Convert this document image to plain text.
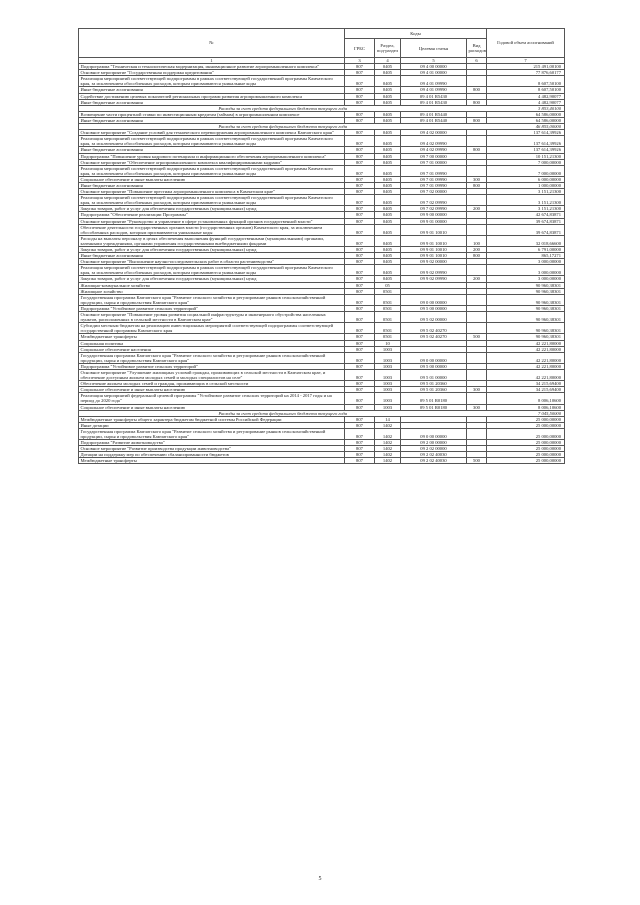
№	Коды				Годовой объем ассигнований
	ГРБС	Раздел, под-раздел	Целевая статья	Вид расходов	
1	3	4	5	6	7
Подпрограмма "Техническая и технологическая модернизация, инновационное развитие агропромышленного комплекса"	807	0405	09 4 00 00000		215 491,00100
Основное мероприятие "Государственная поддержка кредитования"	807	0405	09 4 01 00000		77 876,60177
Реализация мероприятий соответствующей подпрограммы в рамках соответствующей государственной программы Камчатского края, за исключением обособленных расходов, которым присваиваются уникальные коды	807	0405	09 4 01 09990		8 607,50100
Иные бюджетные ассигнования	807	0405	09 4 01 09990	800	8 607,50100
Содействие достижению целевых показателей региональных программ развития агропромышленного комплекса	807	0405	09 4 01 R5430		4 482,90077
Иные бюджетные ассигнования	807	0405	09 4 01 R5430	800	4 482,90077
Расходы за счет средств федерального бюджета текущего года					3 853,40100
Возмещение части процентной ставки по инвестиционным кредитам (займам) в агропромышленном комплексе	807	0405	09 4 01 R5440		64 586,00000
Иные бюджетные ассигнования	807	0405	09 4 01 R5440	800	64 586,00000
Расходы за счет средств федерального бюджета текущего года					46 855,00000
Основное мероприятие "Создание условий для технического перевооружения агропромышленного комплекса Камчатского края"	807	0405	09 4 02 00000		137 614,39926
Реализация мероприятий соответствующей подпрограммы в рамках соответствующей государственной программы Камчатского края, за исключением обособленных расходов, которым присваиваются уникальные коды	807	0405	09 4 02 09990		137 614,39926
Иные бюджетные ассигнования	807	0405	09 4 02 09990	800	137 614,39926
Подпрограмма "Повышение уровня кадрового потенциала и информационного обеспечения агропромышленного комплекса"	807	0405	09 7 00 00000		10 151,21300
Основное мероприятие "Обеспечение агропромышленного комплекса квалифицированными кадрами"	807	0405	09 7 01 00000		7 000,00000
Реализация мероприятий соответствующей подпрограммы в рамках соответствующей государственной программы Камчатского края, за исключением обособленных расходов, которым присваиваются уникальные коды	807	0405	09 7 01 09990		7 000,00000
Социальное обеспечение и иные выплаты населению	807	0405	09 7 01 09990	300	6 000,00000
Иные бюджетные ассигнования	807	0405	09 7 01 09990	800	1 000,00000
Основное мероприятие "Повышение престижа агропромышленного комплекса в Камчатском крае"	807	0405	09 7 02 00000		3 151,21300
Реализация мероприятий соответствующей подпрограммы в рамках соответствующей государственной программы Камчатского края, за исключением обособленных расходов, которым присваиваются уникальные коды	807	0405	09 7 02 09990		3 151,21300
Закупка товаров, работ и услуг для обеспечения государственных (муниципальных) нужд	807	0405	09 7 02 09990	200	3 151,21300
Подпрограмма "Обеспечение реализации Программы"	807	0405	09 9 00 00000		42 674,83871
Основное мероприятие "Руководство и управление в сфере установленных функций органов государственной власти"	807	0405	09 9 01 00000		39 674,83871
Обеспечение деятельности государственных органов власти (государственных органов) Камчатского края, за исключением обособленных расходов, которым присваиваются уникальные коды	807	0405	09 9 01 10010		39 674,83871
Расходы на выплаты персоналу в целях обеспечения выполнения функций государственными (муниципальными) органами, казенными учреждениями, органами управления государственными внебюджетными фондами	807	0405	09 9 01 10010	100	32 018,66600
Закупка товаров, работ и услуг для обеспечения государственных (муниципальных) нужд	807	0405	09 9 01 10010	200	6 791,00000
Иные бюджетные ассигнования	807	0405	09 9 01 10010	800	865,17271
Основное мероприятие "Выполнение научно-исследовательских работ в области растениеводства"	807	0405	09 9 02 00000		3 000,00000
Реализация мероприятий соответствующей подпрограммы в рамках соответствующей государственной программы Камчатского края, за исключением обособленных расходов, которым присваиваются уникальные коды	807	0405	09 9 02 09990		3 000,00000
Закупка товаров, работ и услуг для обеспечения государственных (муниципальных) нужд	807	0405	09 9 02 09990	200	3 000,00000
Жилищно-коммунальное хозяйство	807	05			90 960,38301
Жилищное хозяйство	807	0501			90 960,38301
Государственная программа Камчатского края "Развитие сельского хозяйства и регулирование рынков сельскохозяйственной продукции, сырья и продовольствия Камчатского края"	807	0501	09 0 00 00000		90 960,38301
Подпрограмма "Устойчивое развитие сельских территорий"	807	0501	09 5 00 00000		90 960,38301
Основное мероприятие "Повышение уровня развития социальной инфраструктуры и инженерного обустройства населенных пунктов, расположенных в сельской местности в Камчатском крае"	807	0501	09 5 02 00000		90 960,38301
Субсидии местным бюджетам на реализацию инвестиционных мероприятий соответствующей подпрограммы соответствующей государственной программы Камчатского края	807	0501	09 5 02 40270		90 960,38301
Межбюджетные трансферты	807	0501	09 5 02 40270	500	90 960,38301
Социальная политика	807	10			42 221,80000
Социальное обеспечение населения	807	1003			42 221,80000
Государственная программа Камчатского края "Развитие сельского хозяйства и регулирование рынков сельскохозяйственной продукции, сырья и продовольствия Камчатского края"	807	1003	09 0 00 00000		42 221,80000
Подпрограмма "Устойчивое развитие сельских территорий"	807	1003	09 5 00 00000		42 221,80000
Основное мероприятие "Улучшение жилищных условий граждан, проживающих в сельской местности в Камчатском крае, и обеспечение доступным жильем молодых семей и молодых специалистов на селе"	807	1003	09 5 01 00000		42 221,80000
Обеспечение жильем молодых семей и граждан, проживающих в сельской местности	807	1003	09 5 01 20360		34 215,69400
Социальное обеспечение и иные выплаты населению	807	1003	09 5 01 20360	300	34 215,69400
Реализация мероприятий федеральной целевой программы "Устойчивое развитие сельских территорий на 2014 - 2017 годы и на период до 2020 года"	807	1003	09 5 01 R0180		8 006,10600
Социальное обеспечение и иные выплаты населению	807	1003	09 5 01 R0180	300	8 006,10600
Расходы за счет средств федерального бюджета текущего года					7 045,50000
Межбюджетные трансферты общего характера бюджетам бюджетной системы Российской Федерации	807	14			25 000,00000
Иные дотации	807	1402			25 000,00000
Государственная программа Камчатского края "Развитие сельского хозяйства и регулирование рынков сельскохозяйственной продукции, сырья и продовольствия Камчатского края"	807	1402	09 0 00 00000		25 000,00000
Подпрограмма "Развитие животноводства"	807	1402	09 2 00 00000		25 000,00000
Основное мероприятие "Развитие производства продукции животноводства"	807	1402	09 2 02 00000		25 000,00000
Дотации на поддержку мер по обеспечению сбалансированности бюджетов	807	1402	09 2 02 40030		25 000,00000
Межбюджетные трансферты	807	1402	09 2 02 40030	500	25 000,00000
5
